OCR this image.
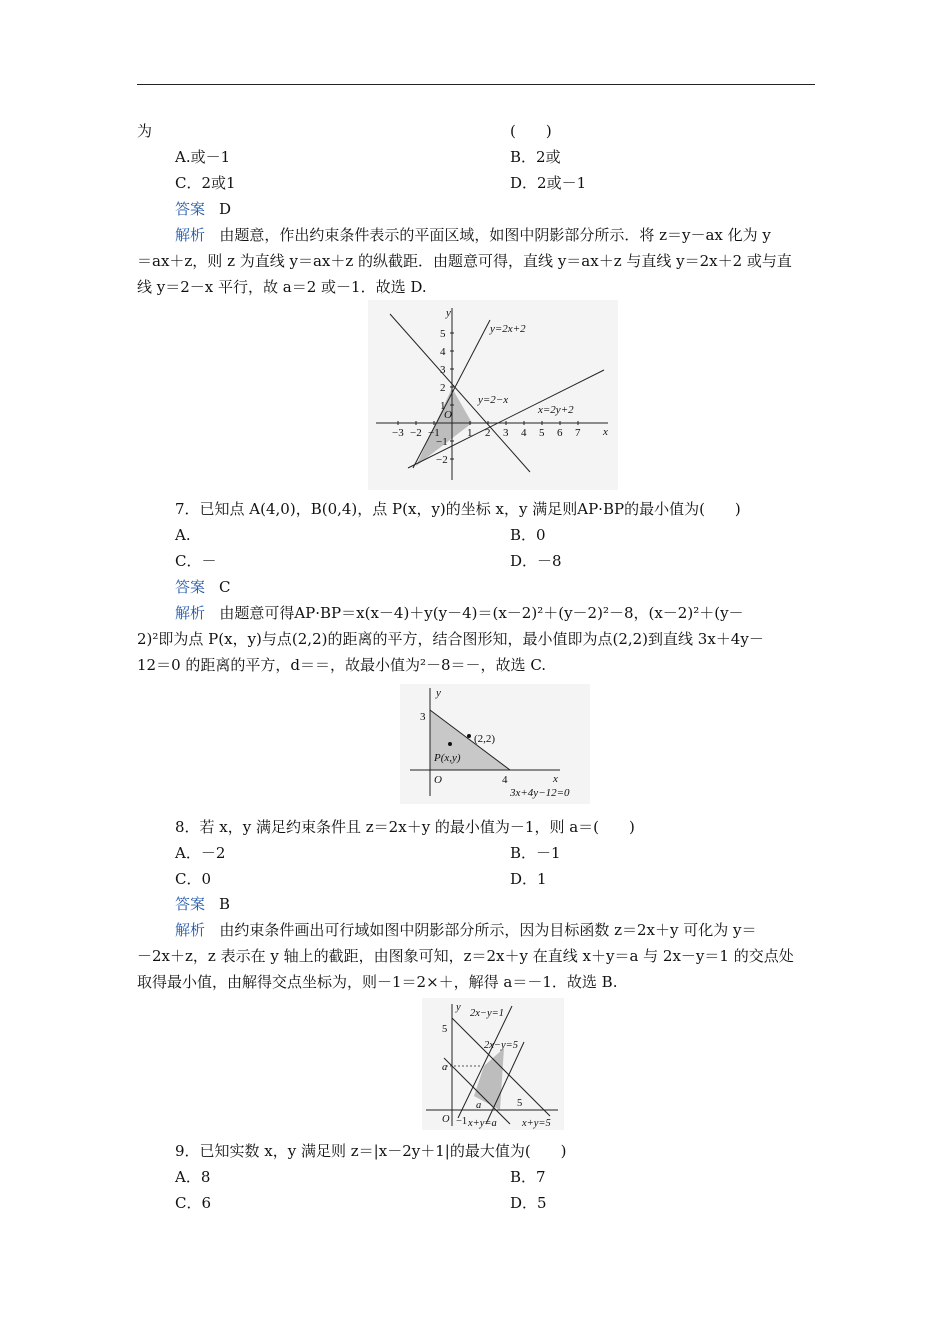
为	(　　)
A.或－1	B．2或
C．2或1	D．2或－1
答案 D
解析 由题意，作出约束条件表示的平面区域，如图中阴影部分所示．将 z＝y－ax 化为 y
＝ax＋z，则 z 为直线 y＝ax＋z 的纵截距．由题意可得，直线 y＝ax＋z 与直线 y＝2x＋2 或与直
线 y＝2－x 平行，故 a＝2 或－1．故选 D.
y
x
O
y=2x+2
y=2−x
x=2y+2
−3 −2 −1 1 2 3 4 5 6 7
5
4
3
2
1
−1
−2
7．已知点 A(4,0)，B(0,4)，点 P(x，y)的坐标 x，y 满足则AP·BP的最小值为(　　)
A.	B．0
C．－	D．－8
答案 C
解析 由题意可得AP·BP＝x(x－4)＋y(y－4)＝(x－2)²＋(y－2)²－8，(x－2)²＋(y－
2)²即为点 P(x，y)与点(2,2)的距离的平方，结合图形知，最小值即为点(2,2)到直线 3x＋4y－
12＝0 的距离的平方，d＝＝，故最小值为²－8＝－，故选 C.
y
x
O
3
4
(2,2)
P(x,y)
3x+4y−12=0
8．若 x，y 满足约束条件且 z＝2x＋y 的最小值为－1，则 a＝(　　)
A．－2	B．－1
C．0	D．1
答案 B
解析 由约束条件画出可行域如图中阴影部分所示，因为目标函数 z＝2x＋y 可化为 y＝
－2x＋z，z 表示在 y 轴上的截距，由图象可知，z＝2x＋y 在直线 x＋y＝a 与 2x－y＝1 的交点处
取得最小值，由解得交点坐标为，则－1＝2×＋，解得 a＝－1．故选 B.
y
O
5
a
−1
a	5
2x−y=1
2x−y=5
x+y=a x+y=5
9．已知实数 x，y 满足则 z＝|x－2y＋1|的最大值为(　　)
A．8	B．7
C．6	D．5
